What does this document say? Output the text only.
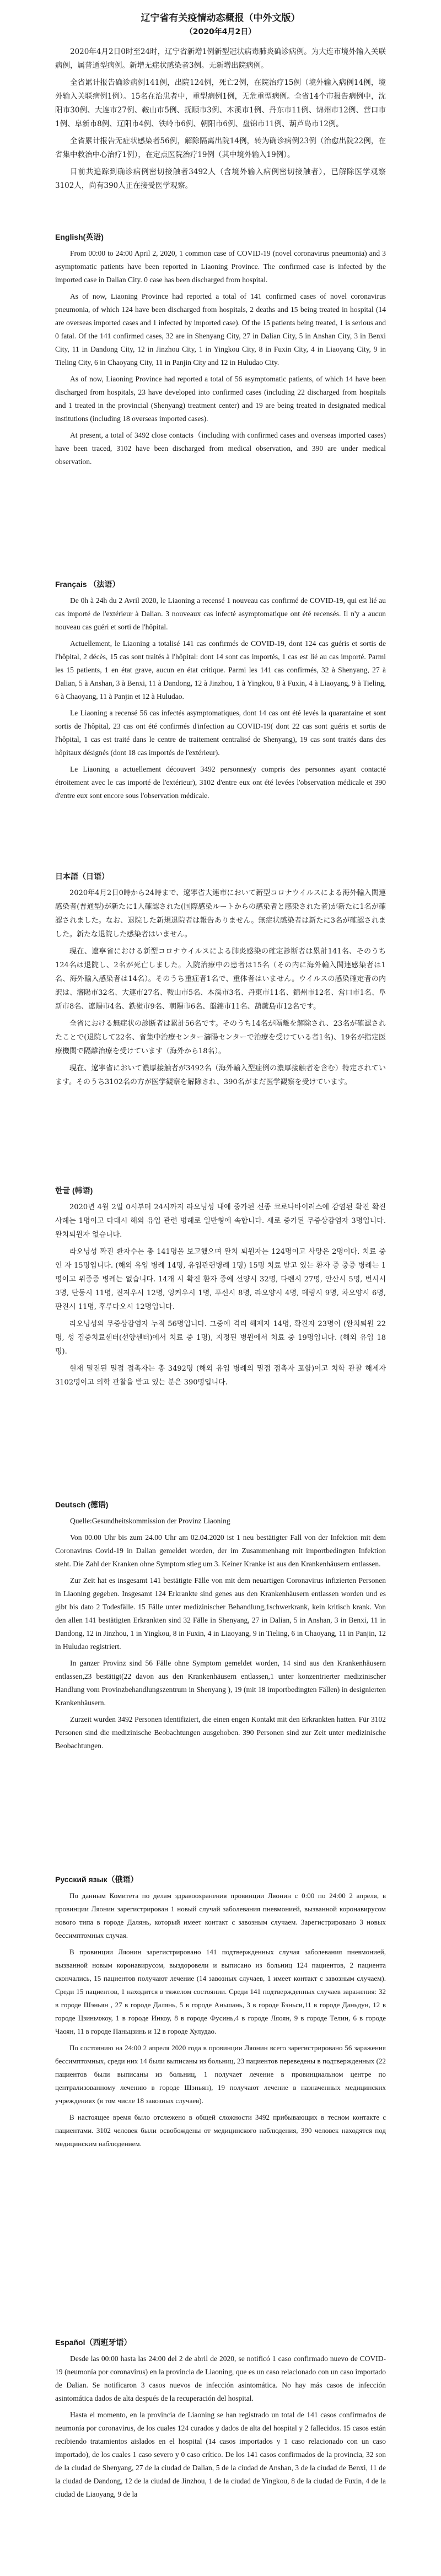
辽宁省有关疫情动态概报（中外文版）
（2020年4月2日）

2020年4月2日0时至24时，辽宁省新增1例新型冠状病毒肺炎确诊病例。为大连市境外输入关联病例，属普通型病例。新增无症状感染者3例。无新增出院病例。

全省累计报告确诊病例141例，出院124例，死亡2例，在院治疗15例（境外输入病例14例，境外输入关联病例1例）。15名在治患者中，重型病例1例，无危重型病例。全省14个市报告病例中，沈阳市30例、大连市27例、鞍山市5例、抚顺市3例、本溪市1例、丹东市11例、锦州市12例、营口市1例、阜新市8例、辽阳市4例、铁岭市6例、朝阳市6例、盘锦市11例、葫芦岛市12例。

全省累计报告无症状感染者56例，解除隔离出院14例，转为确诊病例23例（治愈出院22例，在省集中救治中心治疗1例），在定点医院治疗19例（其中境外输入19例）。

目前共追踪到确诊病例密切接触者3492人（含境外输入病例密切接触者），已解除医学观察3102人，尚有390人正在接受医学观察。

English(英语)

From 00:00 to 24:00 April 2, 2020, 1 common case of COVID-19 (novel coronavirus pneumonia) and 3 asymptomatic patients have been reported in Liaoning Province. The confirmed case is infected by the imported case in Dalian City. 0 case has been discharged from hospital.

As of now, Liaoning Province had reported a total of 141 confirmed cases of novel coronavirus pneumonia, of which 124 have been discharged from hospitals, 2 deaths and 15 being treated in hospital (14 are overseas imported cases and 1 infected by imported case). Of the 15 patients being treated, 1 is serious and 0 fatal. Of the 141 confirmed cases, 32 are in Shenyang City, 27 in Dalian City, 5 in Anshan City, 3 in Benxi City, 11 in Dandong City, 12 in Jinzhou City, 1 in Yingkou City, 8 in Fuxin City, 4 in Liaoyang City, 9 in Tieling City, 6 in Chaoyang City, 11 in Panjin City and 12 in Huludao City.

As of now, Liaoning Province had reported a total of 56 asymptomatic patients, of which 14 have been discharged from hospitals, 23 have developed into confirmed cases (including 22 discharged from hospitals and 1 treated in the provincial (Shenyang) treatment center) and 19 are being treated in designated medical institutions (including 18 overseas imported cases).

At present, a total of 3492 close contacts（including with confirmed cases and overseas imported cases) have been traced, 3102 have been discharged from medical observation, and 390 are under medical observation.

Français （法语）

De 0h à 24h du 2 Avril 2020, le Liaoning a recensé 1 nouveau cas confirmé de COVID-19, qui est lié au cas importé de l'extérieur à Dalian. 3 nouveaux cas infecté asymptomatique ont été recensés. Il n'y a aucun nouveau cas guéri et sorti de l'hôpital.

Actuellement, le Liaoning a totalisé 141 cas confirmés de COVID-19, dont 124 cas guéris et sortis de l'hôpital, 2 décès, 15 cas sont traités à l'hôpital: dont 14 sont cas importés, 1 cas est lié au cas importé. Parmi les 15 patients, 1 en état grave, aucun en état critique. Parmi les 141 cas confirmés, 32 à Shenyang, 27 à Dalian, 5 à Anshan, 3 à Benxi, 11 à Dandong, 12 à Jinzhou, 1 à Yingkou, 8 à Fuxin, 4 à Liaoyang, 9 à Tieling, 6 à Chaoyang, 11 à Panjin et 12 à Huludao.

Le Liaoning a recensé 56 cas infectés asymptomatiques, dont 14 cas ont été levés la quarantaine et sont sortis de l'hôpital, 23 cas ont été confirmés d'infection au COVID-19( dont 22 cas sont guéris et sortis de l'hôpital, 1 cas est traité dans le centre de traitement centralisé de Shenyang), 19 cas sont traités dans des hôpitaux désignés (dont 18 cas importés de l'extérieur).

Le Liaoning a actuellement découvert 3492 personnes(y compris des personnes ayant contacté étroitement avec le cas importé de l'extérieur), 3102 d'entre eux ont été levées l'observation médicale et 390 d'entre eux sont encore sous l'observation médicale.

日本語（日语）

2020年4月2日0時から24時まで、遼寧省大連市において新型コロナウイルスによる海外輸入関連感染者(普通型)が新たに1人確認された(国際感染ルートからの感染者と感染された者)が新たに1名が確認されました。なお、退院した新規退院者は報告ありません。無症状感染者は新たに3名が確認されました。新たな退院した感染者はいません。

現在、遼寧省における新型コロナウイルスによる肺炎感染の確定診断者は累計141名、そのうち124名は退院し、2名が死亡しました。入院治療中の患者は15名（その内に海外輸入関連感染者は1名、海外輸入感染者は14名）。そのうち重症者1名で、重体者はいません。ウイルスの感染確定者の内訳は、瀋陽市32名、大連市27名、鞍山市5名、本渓市3名、丹東市11名、錦州市12名、営口市1名、阜新市8名、遼陽市4名、鉄嶺市9名、朝陽市6名、盤錦市11名、葫蘆島市12名です。

全省における無症状の診断者は累計56名です。そのうち14名が隔離を解除され、23名が確認されたことで(退院して22名、省集中治療センター瀋陽センターで治療を受けている者1名)、19名が指定医療機関で隔離治療を受けています（海外から18名）。

現在、遼寧省において濃厚接触者が3492名（海外輸入型症例の濃厚接触者を含む）特定されています。そのうち3102名の方が医学観察を解除され、390名がまだ医学観察を受けています。

한글 (韩语)

2020년 4월 2일 0시부터 24시까지 라오닝성 내에 중가된 신종 코로나바이러스에 감염된 확진 확진 사례는 1명이고 다대시 해외 유입 관련 병례로 일반형에 속합니다. 새로 증가된 무증상감염자 3명입니다. 완치퇴원자 없습니다.

라오닝성 확진 환자수는 총 141명을 보고했으며 완치 퇴원자는 124명이고 사망은 2명이다. 치료 중인 자 15명입니다. (해외 유입 병례 14명, 유입관련병례 1명) 15명 치료 받고 있는 환자 중 중증 병례는 1명이고 위중증 병례는 없습니다. 14개 시 확진 환자 중에 선양시 32명, 다롄시 27명, 안산시 5명, 번시시 3명, 단둥시 11명, 진저우시 12명, 잉커우시 1명, 푸신시 8명, 랴오양시 4명, 톄링시 9명, 차오양시 6명, 판진시 11명, 후루다오시 12명입니다.

라오닝성의 무증상감염자 누적 56명입니다. 그중에 격리 해제자 14명, 확진자 23명이 (완치퇴원 22명, 성 집중치료센터(선양센터)에서 치료 중 1명), 지정된 병원에서 치료 중 19명입니다. (해외 유입 18명).

현재 밀전된 밀접 접촉자는 총 3492명 (해외 유입 병례의 밀접 접촉자 포함)이고 치학 관찰 해제자 3102명이고 의학 관찰을 받고 있는 분은 390명입니다.

Deutsch (德语)

Quelle:Gesundheitskommission der Provinz Liaoning

Von 00.00 Uhr bis zum 24.00 Uhr am 02.04.2020 ist 1 neu bestätigter Fall von der Infektion mit dem Coronavirus Covid-19 in Dalian gemeldet worden, der im Zusammenhang mit importbedingten Infektion steht. Die Zahl der Kranken ohne Symptom stieg um 3. Keiner Kranke ist aus den Krankenhäusern entlassen.

Zur Zeit hat es insgesamt 141 bestätigte Fälle von mit dem neuartigen Coronavirus infizierten Personen in Liaoning gegeben. Insgesamt 124 Erkrankte sind genes aus den Krankenhäusern entlassen worden und es gibt bis dato 2 Todesfälle. 15 Fälle unter medizinischer Behandlung,1schwerkrank, kein kritisch krank. Von den allen 141 bestätigten Erkrankten sind 32 Fälle in Shenyang, 27 in Dalian, 5 in Anshan, 3 in Benxi, 11 in Dandong, 12 in Jinzhou, 1 in Yingkou, 8 in Fuxin, 4 in Liaoyang, 9 in Tieling, 6 in Chaoyang, 11 in Panjin, 12 in Huludao registriert.

In ganzer Provinz sind 56 Fälle ohne Symptom gemeldet worden, 14 sind aus den Krankenhäusern entlassen,23 bestätigt(22 davon aus den Krankenhäusern entlassen,1 unter konzentrierter medizinischer Handlung vom Provinzbehandlungszentrum in Shenyang ), 19 (mit 18 importbedingten Fällen) in designierten Krankenhäusern.

Zurzeit wurden 3492 Personen identifiziert, die einen engen Kontakt mit den Erkrankten hatten. Für 3102 Personen sind die medizinische Beobachtungen ausgehoben. 390 Personen sind zur Zeit unter medizinische Beobachtungen.

Русский язык（俄语）

По данным Комитета по делам здравоохранения провинции Ляонин с 0:00 по 24:00 2 апреля, в провинции Ляонин зарегистрирован 1 новый случай заболевания пневмонией, вызванной коронавирусом нового типа в городе Далянь, который имеет контакт с завозным случаем. Зарегистрировано 3 новых бессимптомных случая.

В провинции Ляонин зарегистрировано 141 подтвержденных случая заболевания пневмонией, вызванной новым коронавирусом, выздоровели и выписано из больниц 124 пациентов, 2 пациента скончались, 15 пациентов получают лечение (14 завозных случаев, 1 имеет контакт с завозным случаем). Среди 15 пациентов, 1 находится в тяжелом состоянии. Среди 141 подтвержденных случаев заражения: 32 в городе Шэньян , 27 в городе Далянь, 5 в городе Аньшань, 3 в городе Бэньси,11 в городе Даньдун, 12 в городе Цзиньчжоу, 1 в городе Инкоу, 8 в городе Фусинь,4 в городе Ляоян, 9 в городе Телин, 6 в городе Чаоян, 11 в городе Паньцзинь и 12 в городе Хулудао.

По состоянию на 24:00 2 апреля 2020 года в провинции Ляонин всего зарегистрировано 56 заражения бессимптомных, среди них 14 были выписаны из больниц, 23 пациентов переведены в подтвержденных (22 пациентов были выписаны из больниц, 1 получает лечение в провинциальном центре по централизованному лечению в городе Шэньян), 19 получают лечение в назначенных медицинских учреждениях (в том числе 18 завозных случаев).

В настоящее время было отслежено в общей сложности 3492 прибывающих в тесном контакте с пациентами. 3102 человек были освобождены от медицинского наблюдения, 390 человек находятся под медицинским наблюдением.

Español（西班牙语）

Desde las 00:00 hasta las 24:00 del 2 de abril de 2020, se notificó 1 caso confirmado nuevo de COVID-19 (neumonía por coronavirus) en la provincia de Liaoning, que es un caso relacionado con un caso importado de Dalian. Se notificaron 3 casos nuevos de infección asintomática. No hay más casos de infección asintomática dados de alta después de la recuperación del hospital.

Hasta el momento, en la provincia de Liaoning se han registrado un total de 141 casos confirmados de neumonía por coronavirus, de los cuales 124 curados y dados de alta del hospital y 2 fallecidos. 15 casos están recibiendo tratamientos aislados en el hospital (14 casos importados y 1 caso relacionado con un caso importado), de los cuales 1 caso severo y 0 caso crítico. De los 141 casos confirmados de la provincia, 32 son de la ciudad de Shenyang, 27 de la ciudad de Dalian, 5 de la ciudad de Anshan, 3 de la ciudad de Benxi, 11 de la ciudad de Dandong, 12 de la ciudad de Jinzhou, 1 de la ciudad de Yingkou, 8 de la ciudad de Fuxin, 4 de la ciudad de Liaoyang, 9 de la
